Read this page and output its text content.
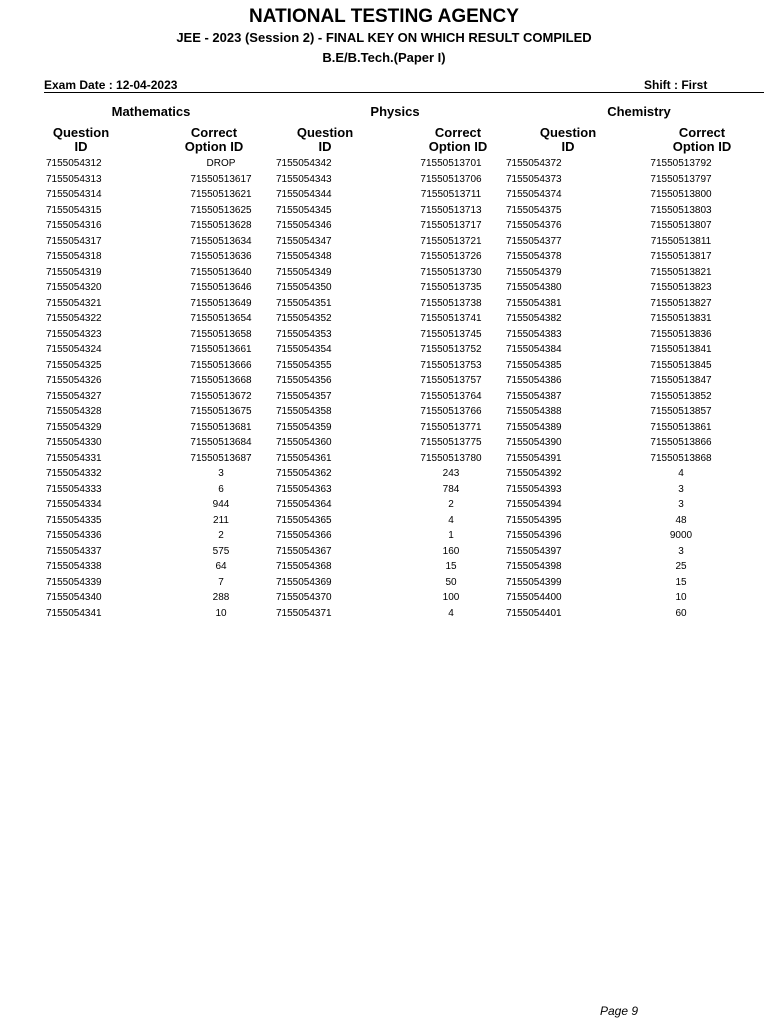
NATIONAL TESTING AGENCY
JEE - 2023 (Session 2) - FINAL KEY ON WHICH RESULT COMPILED
B.E/B.Tech.(Paper I)
Exam Date : 12-04-2023	Shift : First
Mathematics	Physics	Chemistry
Question
ID
Correct
Option ID
Question
ID
Correct
Option ID
Question
ID
Correct
Option ID
	7155054312	DROP	7155054342	71550513701	7155054372	71550513792	
	7155054313	71550513617	7155054343	71550513706	7155054373	71550513797	
	7155054314	71550513621	7155054344	71550513711	7155054374	71550513800	
	7155054315	71550513625	7155054345	71550513713	7155054375	71550513803	
	7155054316	71550513628	7155054346	71550513717	7155054376	71550513807	
	7155054317	71550513634	7155054347	71550513721	7155054377	71550513811	
	7155054318	71550513636	7155054348	71550513726	7155054378	71550513817	
	7155054319	71550513640	7155054349	71550513730	7155054379	71550513821	
	7155054320	71550513646	7155054350	71550513735	7155054380	71550513823	
	7155054321	71550513649	7155054351	71550513738	7155054381	71550513827	
	7155054322	71550513654	7155054352	71550513741	7155054382	71550513831	
	7155054323	71550513658	7155054353	71550513745	7155054383	71550513836	
	7155054324	71550513661	7155054354	71550513752	7155054384	71550513841	
	7155054325	71550513666	7155054355	71550513753	7155054385	71550513845	
	7155054326	71550513668	7155054356	71550513757	7155054386	71550513847	
	7155054327	71550513672	7155054357	71550513764	7155054387	71550513852	
	7155054328	71550513675	7155054358	71550513766	7155054388	71550513857	
	7155054329	71550513681	7155054359	71550513771	7155054389	71550513861	
	7155054330	71550513684	7155054360	71550513775	7155054390	71550513866	
	7155054331	71550513687	7155054361	71550513780	7155054391	71550513868	
	7155054332	3	7155054362	243	7155054392	4	
	7155054333	6	7155054363	784	7155054393	3	
	7155054334	944	7155054364	2	7155054394	3	
	7155054335	211	7155054365	4	7155054395	48	
	7155054336	2	7155054366	1	7155054396	9000	
	7155054337	575	7155054367	160	7155054397	3	
	7155054338	64	7155054368	15	7155054398	25	
	7155054339	7	7155054369	50	7155054399	15	
	7155054340	288	7155054370	100	7155054400	10	
	7155054341	10	7155054371	4	7155054401	60	
Page 9
